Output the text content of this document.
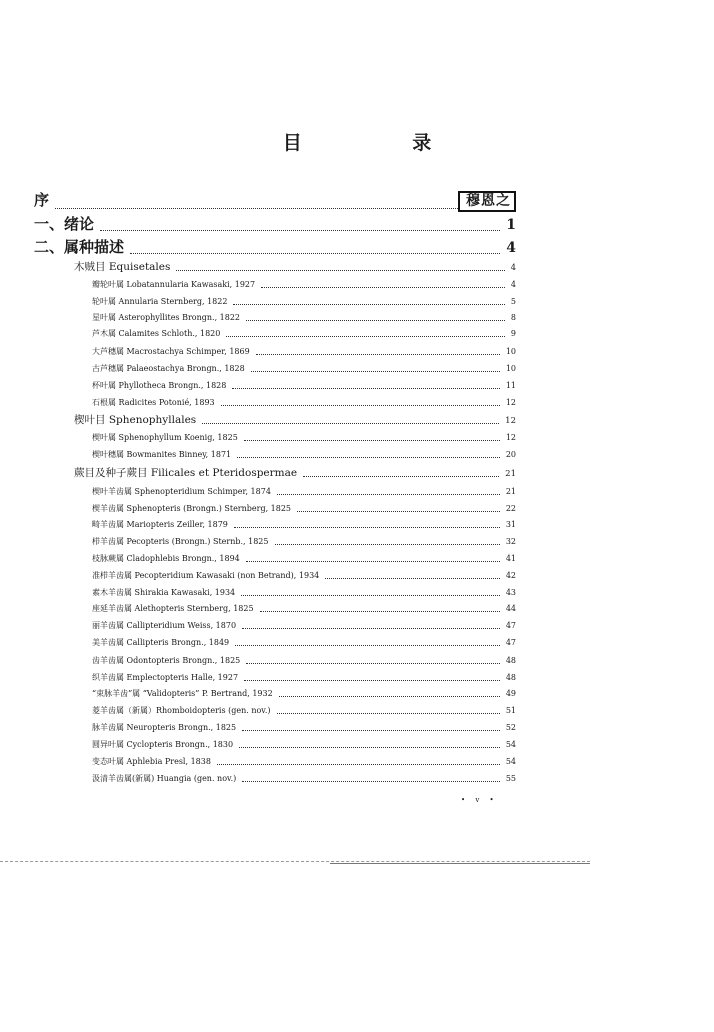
目 录
序	穆恩之
一、绪论	1
二、属种描述	4
木贼目 Equisetales	4
瓣轮叶属 Lobatannularia Kawasaki, 1927	4
轮叶属 Annularia Sternberg, 1822	5
星叶属 Asterophyllites Brongn., 1822	8
芦木属 Calamites Schloth., 1820	9
大芦穗属 Macrostachya Schimper, 1869	10
古芦穗属 Palaeostachya Brongn., 1828	10
杯叶属 Phyllotheca Brongn., 1828	11
石根属 Radicites Potonié, 1893	12
楔叶目 Sphenophyllales	12
楔叶属 Sphenophyllum Koenig, 1825	12
楔叶穗属 Bowmanites Binney, 1871	20
蕨目及种子蕨目 Filicales et Pteridospermae	21
楔叶羊齿属 Sphenopteridium Schimper, 1874	21
楔羊齿属 Sphenopteris (Brongn.) Sternberg, 1825	22
畸羊齿属 Mariopteris Zeiller, 1879	31
栉羊齿属 Pecopteris (Brongn.) Sternb., 1825	32
枝脉蕨属 Cladophlebis Brongn., 1894	41
准栉羊齿属 Pecopteridium Kawasaki (non Betrand), 1934	42
素木羊齿属 Shirakia Kawasaki, 1934	43
座延羊齿属 Alethopteris Sternberg, 1825	44
丽羊齿属 Callipteridium Weiss, 1870	47
美羊齿属 Callipteris Brongn., 1849	47
齿羊齿属 Odontopteris Brongn., 1825	48
织羊齿属 Emplectopteris Halle, 1927	48
“束脉羊齿”属 “Validopteris” P. Bertrand, 1932	49
菱羊齿属（新属）Rhomboidopteris (gen. nov.)	51
脉羊齿属 Neuropteris Brongn., 1825	52
圆异叶属 Cyclopteris Brongn., 1830	54
变态叶属 Aphlebia Presl, 1838	54
汲清羊齿属(新属) Huangia (gen. nov.)	55
• v •
